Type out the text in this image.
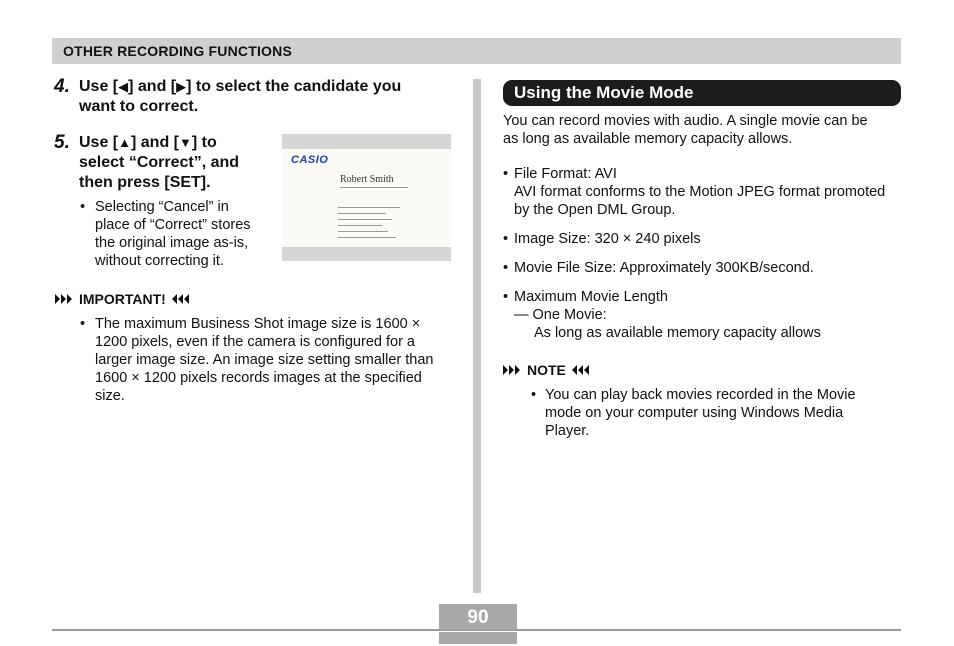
OTHER RECORDING FUNCTIONS
4. Use [◀] and [▶] to select the candidate you
want to correct.
5. Use [▲] and [▼] to
select “Correct”, and
then press [SET].
• Selecting “Cancel” in
place of “Correct” stores
the original image as-is,
without correcting it.
CASIO
Robert Smith
IMPORTANT!
• The maximum Business Shot image size is 1600 ×
1200 pixels, even if the camera is configured for a
larger image size. An image size setting smaller than
1600 × 1200 pixels records images at the specified
size.
Using the Movie Mode
You can record movies with audio. A single movie can be
as long as available memory capacity allows.
• File Format: AVI
AVI format conforms to the Motion JPEG format promoted
by the Open DML Group.
• Image Size: 320 × 240 pixels
• Movie File Size: Approximately 300KB/second.
• Maximum Movie Length
— One Movie:
As long as available memory capacity allows
NOTE
• You can play back movies recorded in the Movie
mode on your computer using Windows Media
Player.
90
